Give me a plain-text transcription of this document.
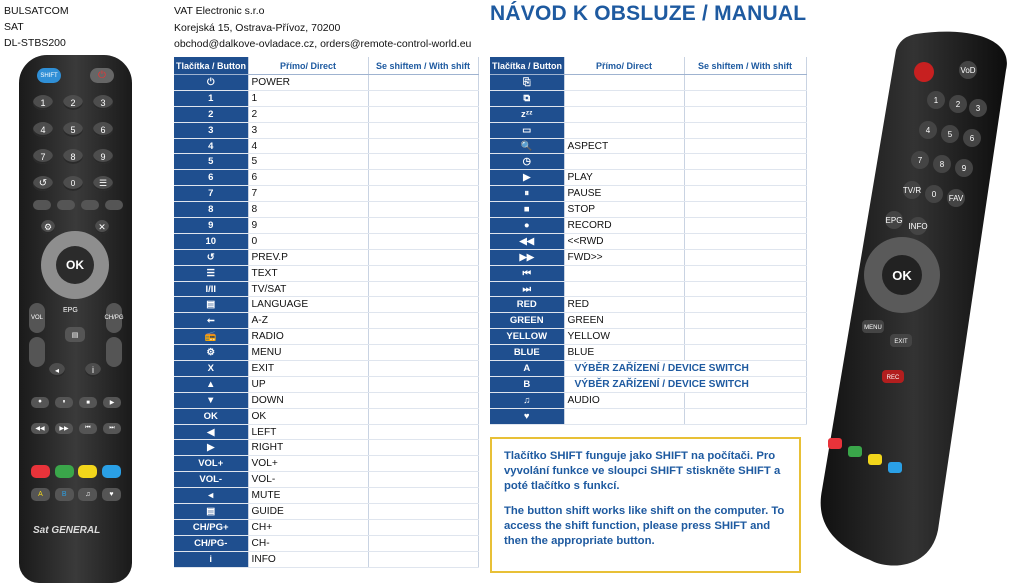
BULSATCOM
SAT
DL-STBS200
VAT Electronic s.r.o
Korejská 15, Ostrava-Přívoz, 70200
obchod@dalkove-ovladace.cz, orders@remote-control-world.eu
NÁVOD K OBSLUZE / MANUAL
SHIFT	⏻
1	2	3
4	5	6
7	8	9
↺	0	☰
⚙	✕
OK
VOL	CH/PG
EPG
▤
◂	i
⏺	⏸	■	▶
◀◀	▶▶	⏮	⏭
A	B	♫	♥
Sat GENERAL
Tlačítka / Button	Přímo/ Direct	Se shiftem / With shift
⏻	POWER	
1	1	
2	2	
3	3	
4	4	
5	5	
6	6	
7	7	
8	8	
9	9	
10	0	
↺	PREV.P	
☰	TEXT	
I/II	TV/SAT	
▤	LANGUAGE	
⭠	A-Z	
📻	RADIO	
⚙	MENU	
X	EXIT	
▲	UP	
▼	DOWN	
OK	OK	
◀	LEFT	
▶	RIGHT	
VOL+	VOL+	
VOL-	VOL-	
◂	MUTE	
▤	GUIDE	
CH/PG+	CH+	
CH/PG-	CH-	
i	INFO	
Tlačítka / Button	Přímo/ Direct	Se shiftem / With shift
⎘		
⧉		
zᶻᶻ		
▭		
🔍	ASPECT	
◷		
▶	PLAY	
⏸	PAUSE	
■	STOP	
●	RECORD	
◀◀	<<RWD	
▶▶	FWD>>	
⏮		
⏭		
RED	RED	
GREEN	GREEN	
YELLOW	YELLOW	
BLUE	BLUE	
A	VÝBĚR ZAŘÍZENÍ / DEVICE SWITCH	
B	VÝBĚR ZAŘÍZENÍ / DEVICE SWITCH	
♫	AUDIO	
♥		

Tlačítko SHIFT funguje jako SHIFT na počítači. Pro vyvolání funkce ve sloupci SHIFT stiskněte SHIFT a poté tlačítko s funkcí.

The button shift works like shift on the computer. To access the shift function, please press SHIFT and then the appropriate button.

VoD
1 2 3
4 5 6
7 8 9
TV/R 0 FAV
EPG
INFO
MENU
EXIT
REC
OK
